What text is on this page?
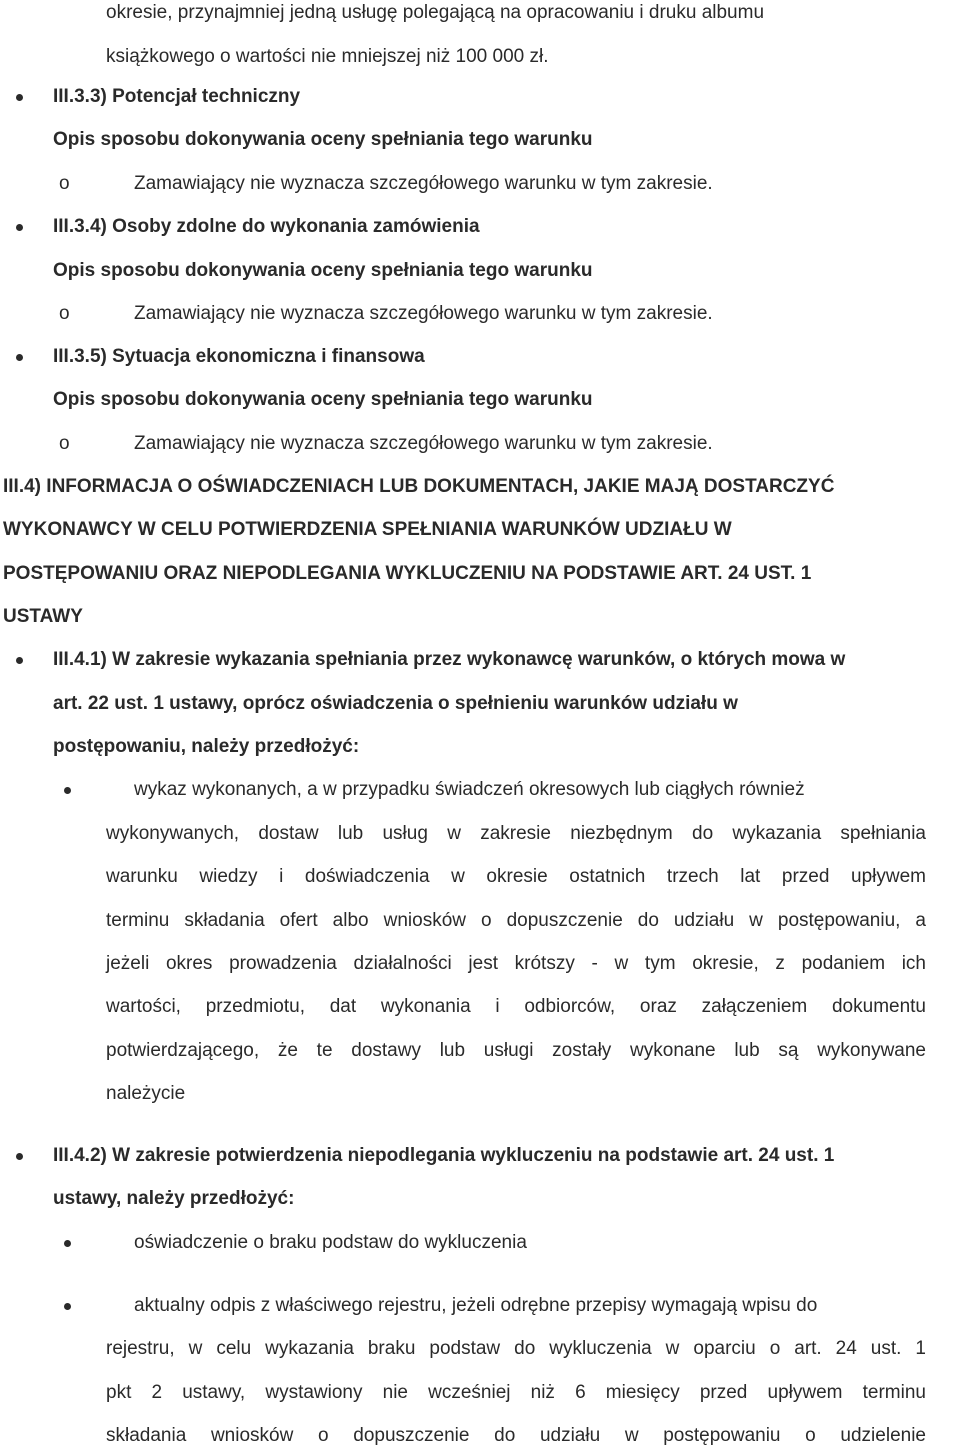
okresie, przynajmniej jedną usługę polegającą na opracowaniu i druku albumu
książkowego o wartości nie mniejszej niż 100 000 zł.
III.3.3) Potencjał techniczny
Opis sposobu dokonywania oceny spełniania tego warunku
o	Zamawiający nie wyznacza szczegółowego warunku w tym zakresie.
III.3.4) Osoby zdolne do wykonania zamówienia
Opis sposobu dokonywania oceny spełniania tego warunku
o	Zamawiający nie wyznacza szczegółowego warunku w tym zakresie.
III.3.5) Sytuacja ekonomiczna i finansowa
Opis sposobu dokonywania oceny spełniania tego warunku
o	Zamawiający nie wyznacza szczegółowego warunku w tym zakresie.
III.4) INFORMACJA O OŚWIADCZENIACH LUB DOKUMENTACH, JAKIE MAJĄ DOSTARCZYĆ
WYKONAWCY W CELU POTWIERDZENIA SPEŁNIANIA WARUNKÓW UDZIAŁU W
POSTĘPOWANIU ORAZ NIEPODLEGANIA WYKLUCZENIU NA PODSTAWIE ART. 24 UST. 1
USTAWY
III.4.1) W zakresie wykazania spełniania przez wykonawcę warunków, o których mowa w
art. 22 ust. 1 ustawy, oprócz oświadczenia o spełnieniu warunków udziału w
postępowaniu, należy przedłożyć:
wykaz wykonanych, a w przypadku świadczeń okresowych lub ciągłych również
wykonywanych, dostaw lub usług w zakresie niezbędnym do wykazania spełniania
warunku wiedzy i doświadczenia w okresie ostatnich trzech lat przed upływem
terminu składania ofert albo wniosków o dopuszczenie do udziału w postępowaniu, a
jeżeli okres prowadzenia działalności jest krótszy - w tym okresie, z podaniem ich
wartości, przedmiotu, dat wykonania i odbiorców, oraz załączeniem dokumentu
potwierdzającego, że te dostawy lub usługi zostały wykonane lub są wykonywane
należycie
III.4.2) W zakresie potwierdzenia niepodlegania wykluczeniu na podstawie art. 24 ust. 1
ustawy, należy przedłożyć:
oświadczenie o braku podstaw do wykluczenia
aktualny odpis z właściwego rejestru, jeżeli odrębne przepisy wymagają wpisu do
rejestru, w celu wykazania braku podstaw do wykluczenia w oparciu o art. 24 ust. 1
pkt 2 ustawy, wystawiony nie wcześniej niż 6 miesięcy przed upływem terminu
składania wniosków o dopuszczenie do udziału w postępowaniu o udzielenie
